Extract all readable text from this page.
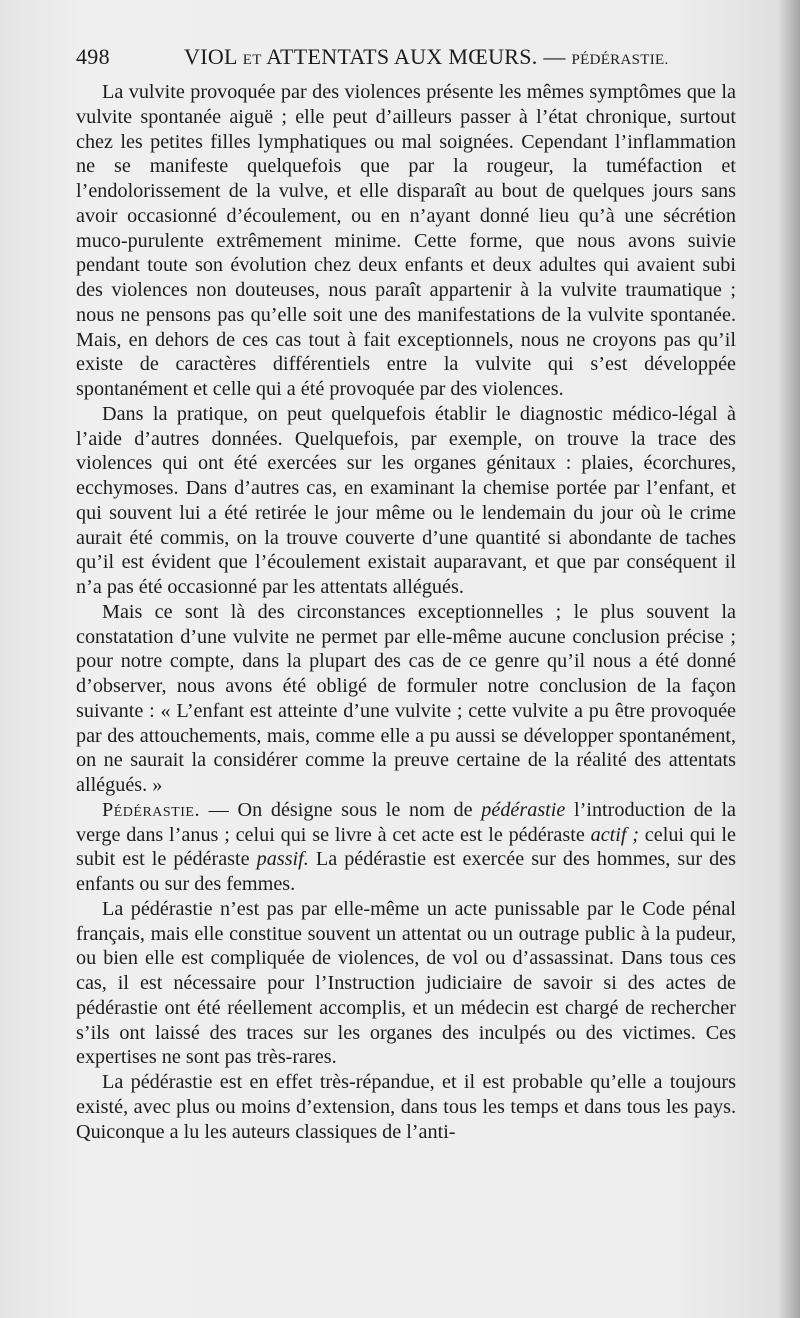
498	VIOL ET ATTENTATS AUX MŒURS. — PÉDÉRASTIE.

La vulvite provoquée par des violences présente les mêmes symptômes que la vulvite spontanée aiguë ; elle peut d’ailleurs passer à l’état chronique, surtout chez les petites filles lymphatiques ou mal soignées. Cependant l’inflammation ne se manifeste quelquefois que par la rougeur, la tuméfaction et l’endolorissement de la vulve, et elle disparaît au bout de quelques jours sans avoir occasionné d’écoulement, ou en n’ayant donné lieu qu’à une sécrétion muco-purulente extrêmement minime. Cette forme, que nous avons suivie pendant toute son évolution chez deux enfants et deux adultes qui avaient subi des violences non douteuses, nous paraît appartenir à la vulvite traumatique ; nous ne pensons pas qu’elle soit une des manifestations de la vulvite spontanée. Mais, en dehors de ces cas tout à fait exceptionnels, nous ne croyons pas qu’il existe de caractères différentiels entre la vulvite qui s’est développée spontanément et celle qui a été provoquée par des violences.

Dans la pratique, on peut quelquefois établir le diagnostic médico-légal à l’aide d’autres données. Quelquefois, par exemple, on trouve la trace des violences qui ont été exercées sur les organes génitaux : plaies, écorchures, ecchymoses. Dans d’autres cas, en examinant la chemise portée par l’enfant, et qui souvent lui a été retirée le jour même ou le lendemain du jour où le crime aurait été commis, on la trouve couverte d’une quantité si abondante de taches qu’il est évident que l’écoulement existait auparavant, et que par conséquent il n’a pas été occasionné par les attentats allégués.

Mais ce sont là des circonstances exceptionnelles ; le plus souvent la constatation d’une vulvite ne permet par elle-même aucune conclusion précise ; pour notre compte, dans la plupart des cas de ce genre qu’il nous a été donné d’observer, nous avons été obligé de formuler notre conclusion de la façon suivante : « L’enfant est atteinte d’une vulvite ; cette vulvite a pu être provoquée par des attouchements, mais, comme elle a pu aussi se développer spontanément, on ne saurait la considérer comme la preuve certaine de la réalité des attentats allégués. »

Pédérastie. — On désigne sous le nom de pédérastie l’introduction de la verge dans l’anus ; celui qui se livre à cet acte est le pédéraste actif ; celui qui le subit est le pédéraste passif. La pédérastie est exercée sur des hommes, sur des enfants ou sur des femmes.

La pédérastie n’est pas par elle-même un acte punissable par le Code pénal français, mais elle constitue souvent un attentat ou un outrage public à la pudeur, ou bien elle est compliquée de violences, de vol ou d’assassinat. Dans tous ces cas, il est nécessaire pour l’Instruction judiciaire de savoir si des actes de pédérastie ont été réellement accomplis, et un médecin est chargé de rechercher s’ils ont laissé des traces sur les organes des inculpés ou des victimes. Ces expertises ne sont pas très-rares.

La pédérastie est en effet très-répandue, et il est probable qu’elle a toujours existé, avec plus ou moins d’extension, dans tous les temps et dans tous les pays. Quiconque a lu les auteurs classiques de l’anti-
